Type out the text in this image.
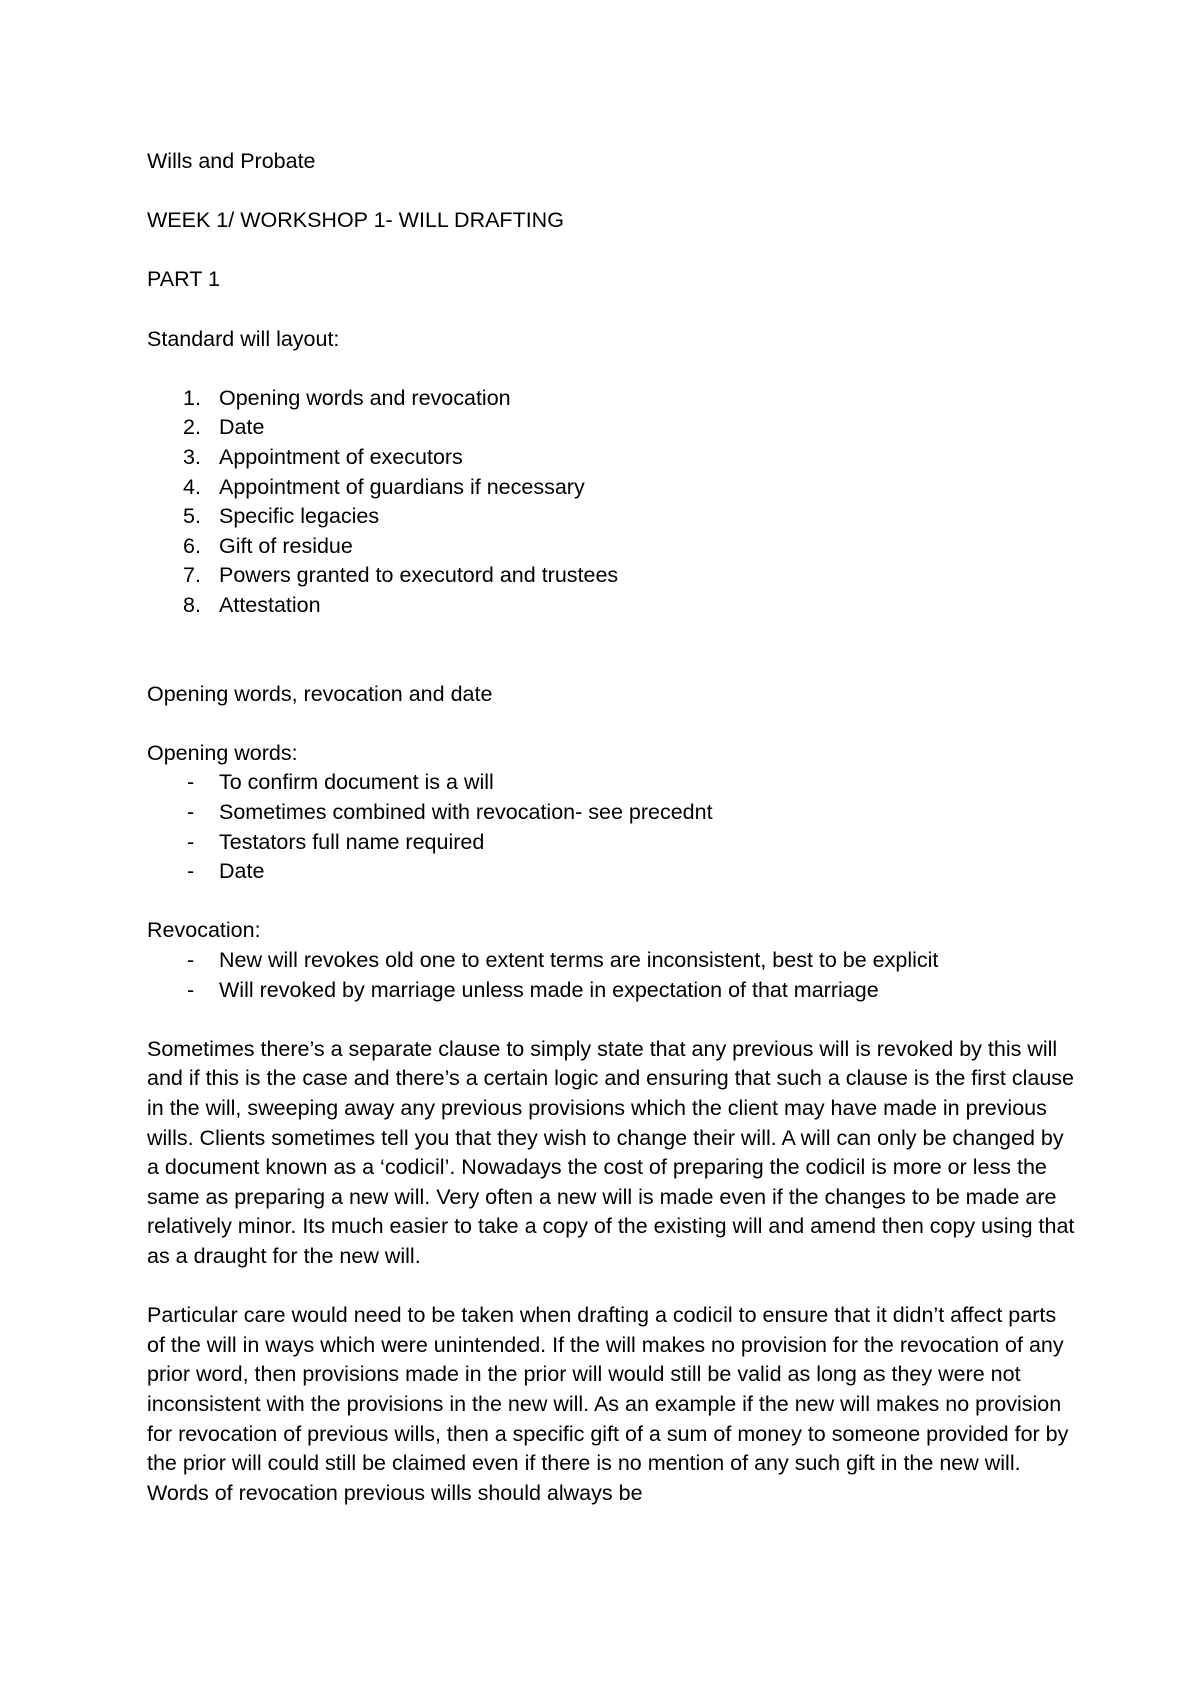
Wills and Probate

WEEK 1/ WORKSHOP 1- WILL DRAFTING

PART 1

Standard will layout:

1. Opening words and revocation
2. Date
3. Appointment of executors
4. Appointment of guardians if necessary
5. Specific legacies
6. Gift of residue
7. Powers granted to executord and trustees
8. Attestation

Opening words, revocation and date

Opening words:

- To confirm document is a will
- Sometimes combined with revocation- see precednt
- Testators full name required
- Date

Revocation:

- New will revokes old one to extent terms are inconsistent, best to be explicit
- Will revoked by marriage unless made in expectation of that marriage

Sometimes there’s a separate clause to simply state that any previous will is revoked by this will and if this is the case and there’s a certain logic and ensuring that such a clause is the first clause in the will, sweeping away any previous provisions which the client may have made in previous wills. Clients sometimes tell you that they wish to change their will. A will can only be changed by a document known as a ‘codicil’. Nowadays the cost of preparing the codicil is more or less the same as preparing a new will. Very often a new will is made even if the changes to be made are relatively minor. Its much easier to take a copy of the existing will and amend then copy using that as a draught for the new will.

Particular care would need to be taken when drafting a codicil to ensure that it didn’t affect parts of the will in ways which were unintended. If the will makes no provision for the revocation of any prior word, then provisions made in the prior will would still be valid as long as they were not inconsistent with the provisions in the new will. As an example if the new will makes no provision for revocation of previous wills, then a specific gift of a sum of money to someone provided for by the prior will could still be claimed even if there is no mention of any such gift in the new will. Words of revocation previous wills should always be
